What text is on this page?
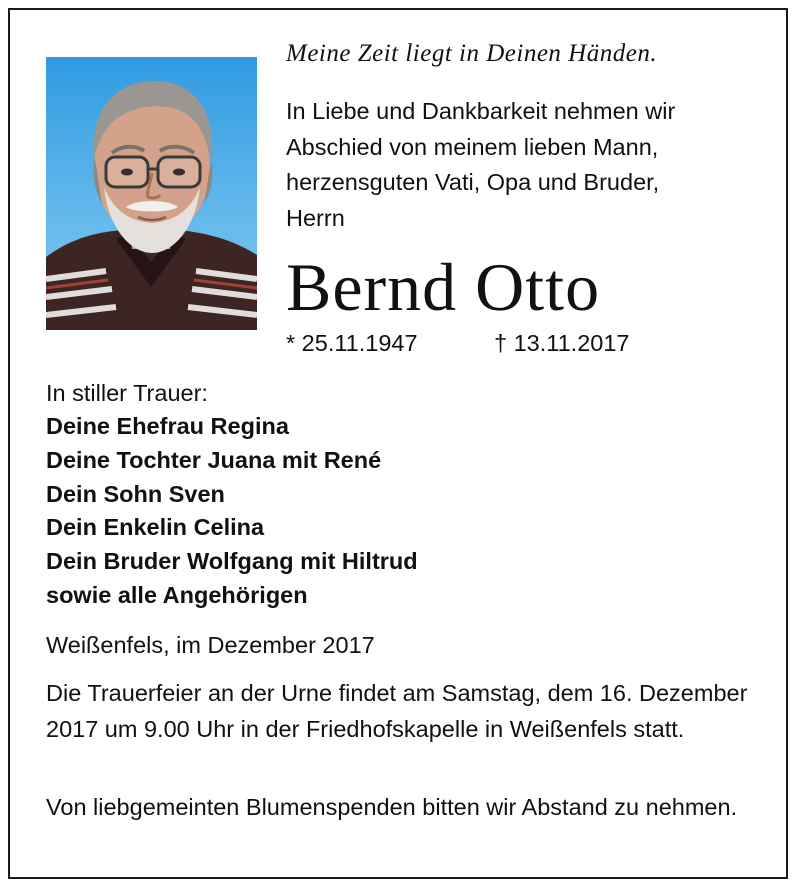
Meine Zeit liegt in Deinen Händen.

In Liebe und Dankbarkeit nehmen wir
Abschied von meinem lieben Mann,
herzensguten Vati, Opa und Bruder,
Herrn
Bernd Otto
* 25.11.1947	† 13.11.2017
In stiller Trauer:
Deine Ehefrau Regina
Deine Tochter Juana mit René
Dein Sohn Sven
Dein Enkelin Celina
Dein Bruder Wolfgang mit Hiltrud
sowie alle Angehörigen

Weißenfels, im Dezember 2017

Die Trauerfeier an der Urne findet am Samstag, dem 16. Dezember 2017 um 9.00 Uhr in der Friedhofskapelle in Weißenfels statt.

Von liebgemeinten Blumenspenden bitten wir Abstand zu nehmen.
